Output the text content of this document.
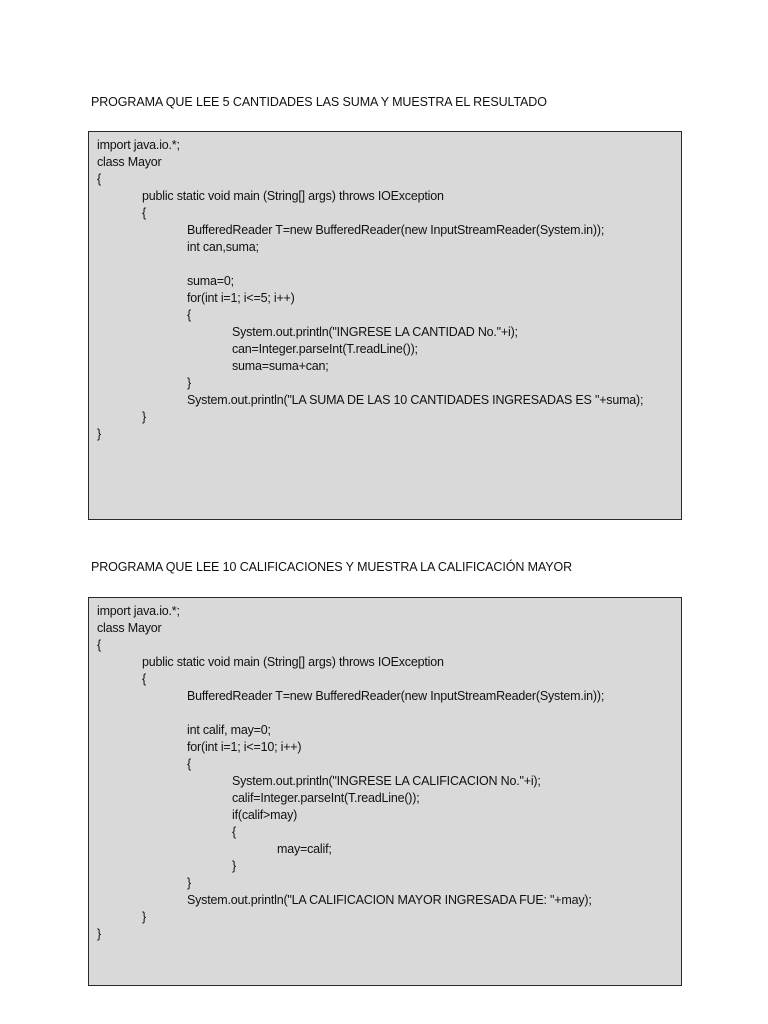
PROGRAMA QUE LEE 5 CANTIDADES LAS SUMA Y MUESTRA EL RESULTADO
import java.io.*;
class Mayor
{
public static void main (String[] args) throws IOException
{
BufferedReader T=new BufferedReader(new InputStreamReader(System.in));
int can,suma;
suma=0;
for(int i=1; i<=5; i++)
{
System.out.println("INGRESE LA CANTIDAD No."+i);
can=Integer.parseInt(T.readLine());
suma=suma+can;
}
System.out.println("LA SUMA DE LAS 10 CANTIDADES INGRESADAS ES "+suma);
}
}
PROGRAMA QUE LEE 10 CALIFICACIONES Y MUESTRA LA CALIFICACIÓN MAYOR
import java.io.*;
class Mayor
{
public static void main (String[] args) throws IOException
{
BufferedReader T=new BufferedReader(new InputStreamReader(System.in));
int calif, may=0;
for(int i=1; i<=10; i++)
{
System.out.println("INGRESE LA CALIFICACION No."+i);
calif=Integer.parseInt(T.readLine());
if(calif>may)
{
may=calif;
}
}
System.out.println("LA CALIFICACION MAYOR INGRESADA FUE: "+may);
}
}
